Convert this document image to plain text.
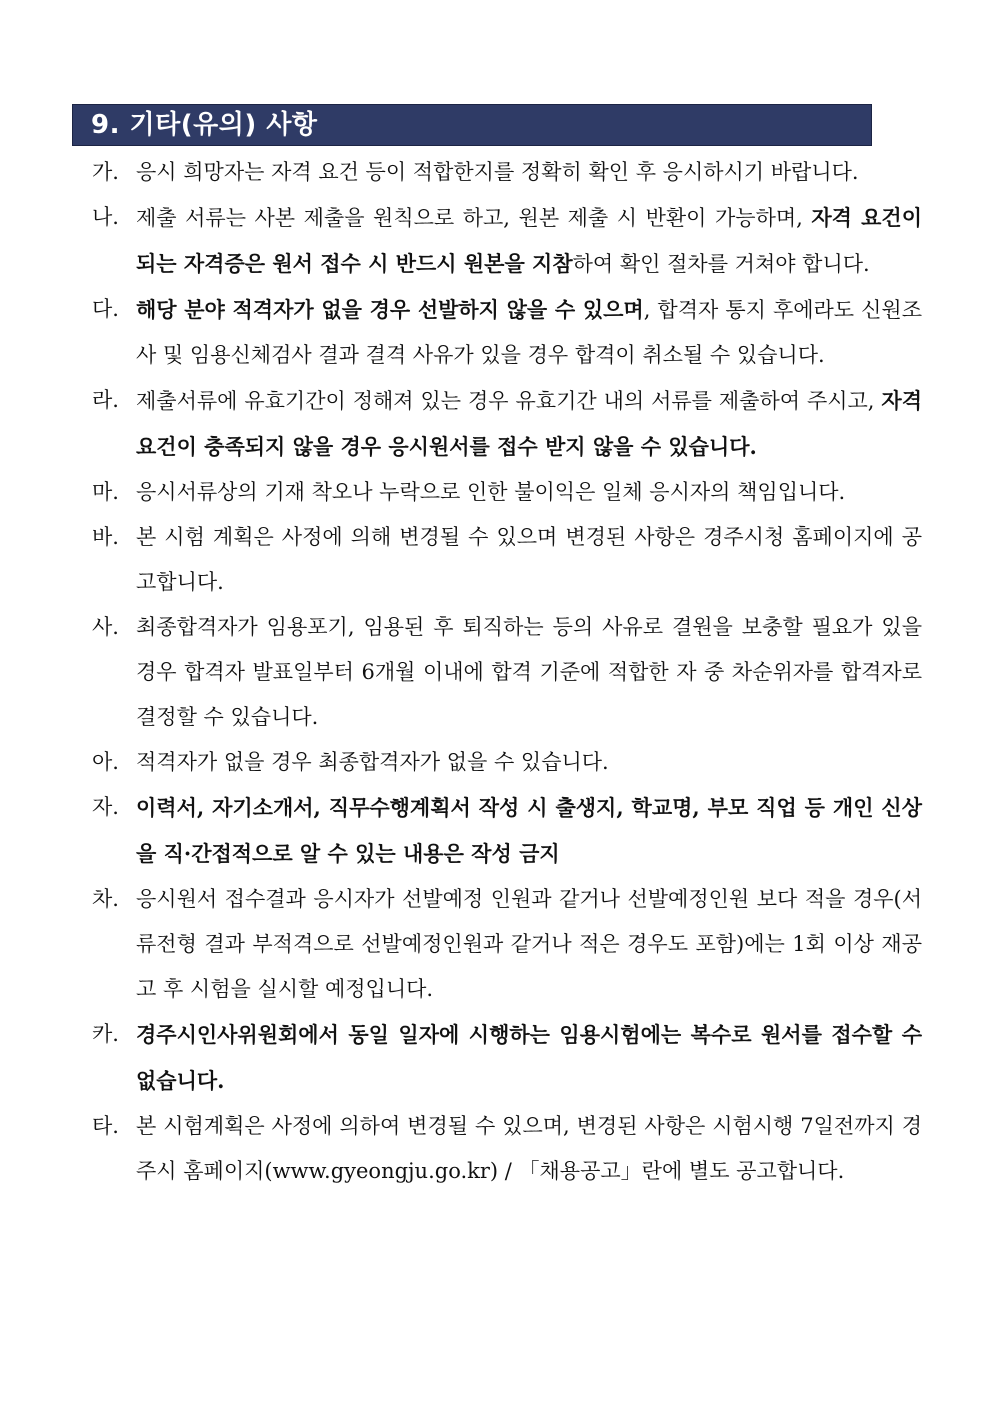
9. 기타(유의) 사항

가. 응시 희망자는 자격 요건 등이 적합한지를 정확히 확인 후 응시하시기 바랍니다.

나. 제출 서류는 사본 제출을 원칙으로 하고, 원본 제출 시 반환이 가능하며, 자격 요건이 되는 자격증은 원서 접수 시 반드시 원본을 지참하여 확인 절차를 거쳐야 합니다.

다. 해당 분야 적격자가 없을 경우 선발하지 않을 수 있으며, 합격자 통지 후에라도 신원조사 및 임용신체검사 결과 결격 사유가 있을 경우 합격이 취소될 수 있습니다.

라. 제출서류에 유효기간이 정해져 있는 경우 유효기간 내의 서류를 제출하여 주시고, 자격 요건이 충족되지 않을 경우 응시원서를 접수 받지 않을 수 있습니다.

마. 응시서류상의 기재 착오나 누락으로 인한 불이익은 일체 응시자의 책임입니다.

바. 본 시험 계획은 사정에 의해 변경될 수 있으며 변경된 사항은 경주시청 홈페이지에 공고합니다.

사. 최종합격자가 임용포기, 임용된 후 퇴직하는 등의 사유로 결원을 보충할 필요가 있을 경우 합격자 발표일부터 6개월 이내에 합격 기준에 적합한 자 중 차순위자를 합격자로 결정할 수 있습니다.

아. 적격자가 없을 경우 최종합격자가 없을 수 있습니다.

자. 이력서, 자기소개서, 직무수행계획서 작성 시 출생지, 학교명, 부모 직업 등 개인 신상을 직·간접적으로 알 수 있는 내용은 작성 금지

차. 응시원서 접수결과 응시자가 선발예정 인원과 같거나 선발예정인원 보다 적을 경우(서류전형 결과 부적격으로 선발예정인원과 같거나 적은 경우도 포함)에는 1회 이상 재공고 후 시험을 실시할 예정입니다.

카. 경주시인사위원회에서 동일 일자에 시행하는 임용시험에는 복수로 원서를 접수할 수 없습니다.

타. 본 시험계획은 사정에 의하여 변경될 수 있으며, 변경된 사항은 시험시행 7일전까지 경주시 홈페이지(www.gyeongju.go.kr) / 「채용공고」란에 별도 공고합니다.
